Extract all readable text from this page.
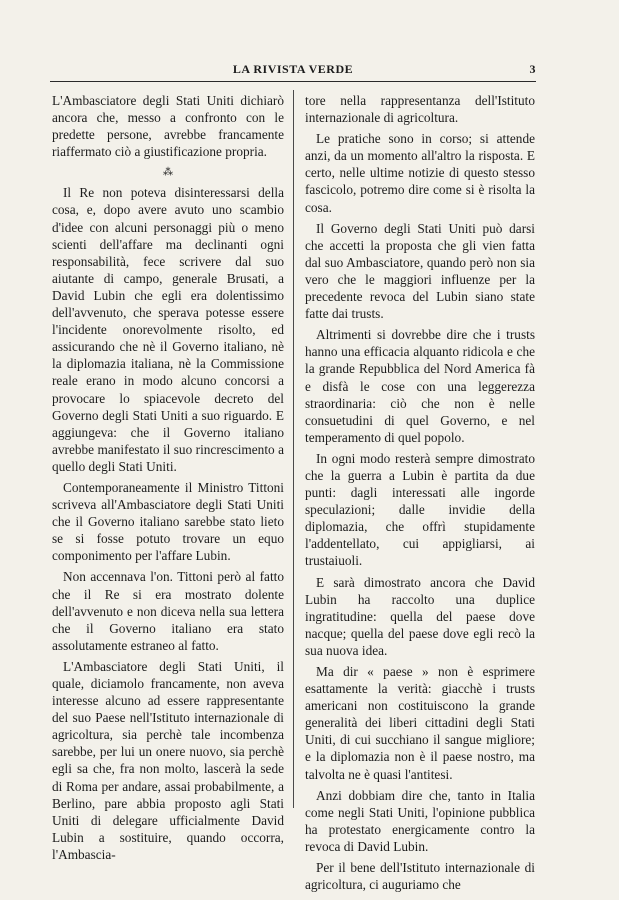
LA RIVISTA VERDE	3

L'Ambasciatore degli Stati Uniti dichiarò ancora che, messo a confronto con le predette persone, avrebbe francamente riaffermato ciò a giustificazione propria.

⁂

Il Re non poteva disinteressarsi della cosa, e, dopo avere avuto uno scambio d'idee con alcuni personaggi più o meno scienti dell'affare ma declinanti ogni responsabilità, fece scrivere dal suo aiutante di campo, generale Brusati, a David Lubin che egli era dolentissimo dell'avvenuto, che sperava potesse essere l'incidente onorevolmente risolto, ed assicurando che nè il Governo italiano, nè la diplomazia italiana, nè la Commissione reale erano in modo alcuno concorsi a provocare lo spiacevole decreto del Governo degli Stati Uniti a suo riguardo. E aggiungeva: che il Governo italiano avrebbe manifestato il suo rincrescimento a quello degli Stati Uniti.

Contemporaneamente il Ministro Tittoni scriveva all'Ambasciatore degli Stati Uniti che il Governo italiano sarebbe stato lieto se si fosse potuto trovare un equo componimento per l'affare Lubin.

Non accennava l'on. Tittoni però al fatto che il Re si era mostrato dolente dell'avvenuto e non diceva nella sua lettera che il Governo italiano era stato assolutamente estraneo al fatto.

L'Ambasciatore degli Stati Uniti, il quale, diciamolo francamente, non aveva interesse alcuno ad essere rappresentante del suo Paese nell'Istituto internazionale di agricoltura, sia perchè tale incombenza sarebbe, per lui un onere nuovo, sia perchè egli sa che, fra non molto, lascerà la sede di Roma per andare, assai probabilmente, a Berlino, pare abbia proposto agli Stati Uniti di delegare ufficialmente David Lubin a sostituire, quando occorra, l'Ambascia-

tore nella rappresentanza dell'Istituto internazionale di agricoltura.

Le pratiche sono in corso; si attende anzi, da un momento all'altro la risposta. E certo, nelle ultime notizie di questo stesso fascicolo, potremo dire come si è risolta la cosa.

Il Governo degli Stati Uniti può darsi che accetti la proposta che gli vien fatta dal suo Ambasciatore, quando però non sia vero che le maggiori influenze per la precedente revoca del Lubin siano state fatte dai trusts.

Altrimenti si dovrebbe dire che i trusts hanno una efficacia alquanto ridicola e che la grande Repubblica del Nord America fà e disfà le cose con una leggerezza straordinaria: ciò che non è nelle consuetudini di quel Governo, e nel temperamento di quel popolo.

In ogni modo resterà sempre dimostrato che la guerra a Lubin è partita da due punti: dagli interessati alle ingorde speculazioni; dalle invidie della diplomazia, che offrì stupidamente l'addentellato, cui appigliarsi, ai trustaiuoli.

E sarà dimostrato ancora che David Lubin ha raccolto una duplice ingratitudine: quella del paese dove nacque; quella del paese dove egli recò la sua nuova idea.

Ma dir « paese » non è esprimere esattamente la verità: giacchè i trusts americani non costituiscono la grande generalità dei liberi cittadini degli Stati Uniti, di cui succhiano il sangue migliore; e la diplomazia non è il paese nostro, ma talvolta ne è quasi l'antitesi.

Anzi dobbiam dire che, tanto in Italia come negli Stati Uniti, l'opinione pubblica ha protestato energicamente contro la revoca di David Lubin.

Per il bene dell'Istituto internazionale di agricoltura, ci auguriamo che
